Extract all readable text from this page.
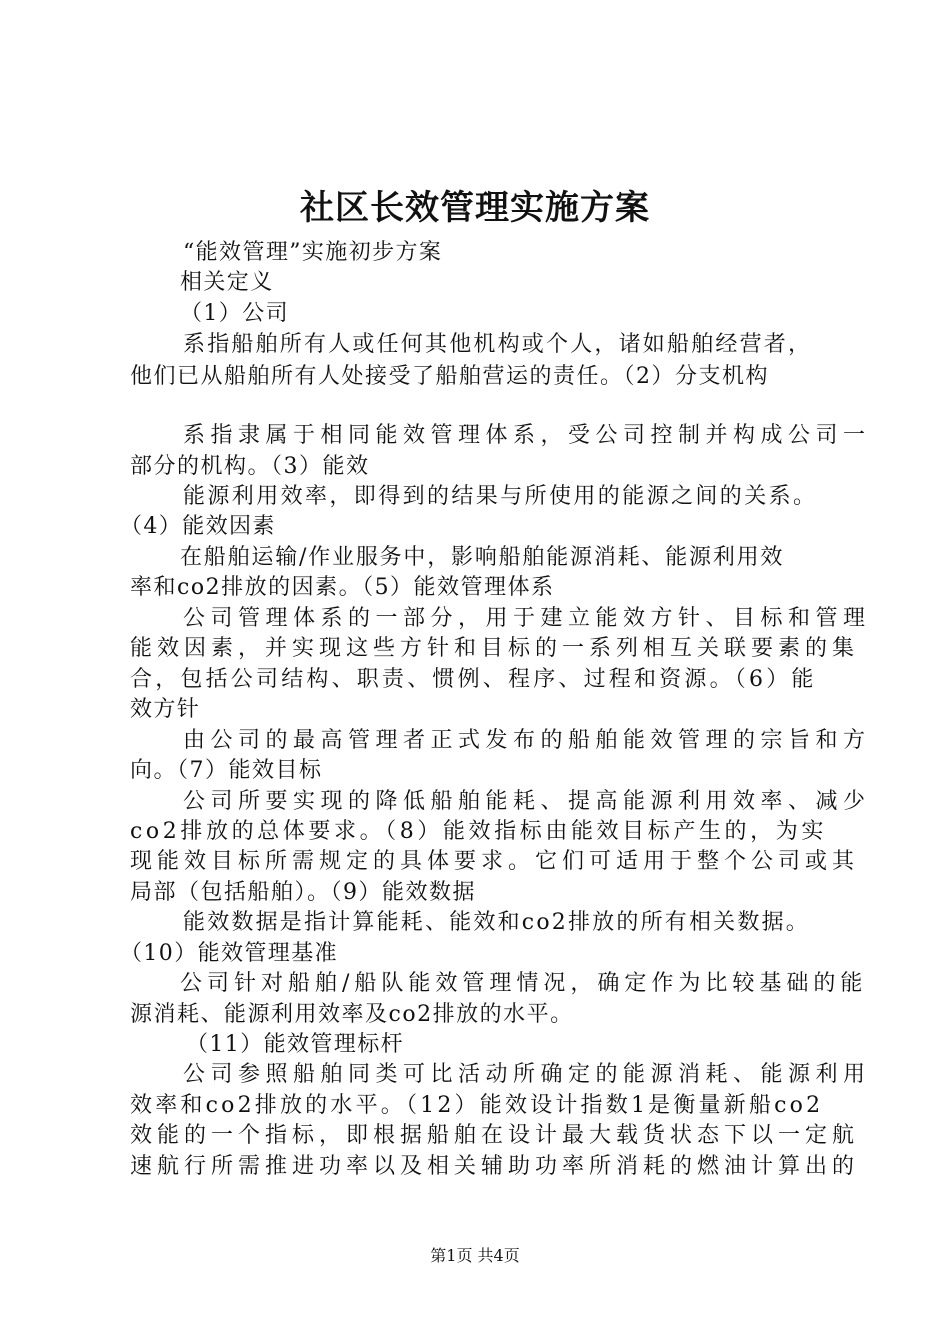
社区长效管理实施方案
“能效管理”实施初步方案
相关定义
（1）公司
系指船舶所有人或任何其他机构或个人，诸如船舶经营者，
他们已从船舶所有人处接受了船舶营运的责任。（2）分支机构
系指隶属于相同能效管理体系，受公司控制并构成公司一
部分的机构。（3）能效
能源利用效率，即得到的结果与所使用的能源之间的关系。
（4）能效因素
在船舶运输/作业服务中，影响船舶能源消耗、能源利用效
率和co2排放的因素。（5）能效管理体系
公司管理体系的一部分，用于建立能效方针、目标和管理
能效因素，并实现这些方针和目标的一系列相互关联要素的集
合，包括公司结构、职责、惯例、程序、过程和资源。（6）能
效方针
由公司的最高管理者正式发布的船舶能效管理的宗旨和方
向。（7）能效目标
公司所要实现的降低船舶能耗、提高能源利用效率、减少
co2排放的总体要求。（8）能效指标由能效目标产生的，为实
现能效目标所需规定的具体要求。它们可适用于整个公司或其
局部（包括船舶）。（9）能效数据
能效数据是指计算能耗、能效和co2排放的所有相关数据。
（10）能效管理基准
公司针对船舶/船队能效管理情况，确定作为比较基础的能
源消耗、能源利用效率及co2排放的水平。
（11）能效管理标杆
公司参照船舶同类可比活动所确定的能源消耗、能源利用
效率和co2排放的水平。（12）能效设计指数1是衡量新船co2
效能的一个指标，即根据船舶在设计最大载货状态下以一定航
速航行所需推进功率以及相关辅助功率所消耗的燃油计算出的
第1页 共4页
